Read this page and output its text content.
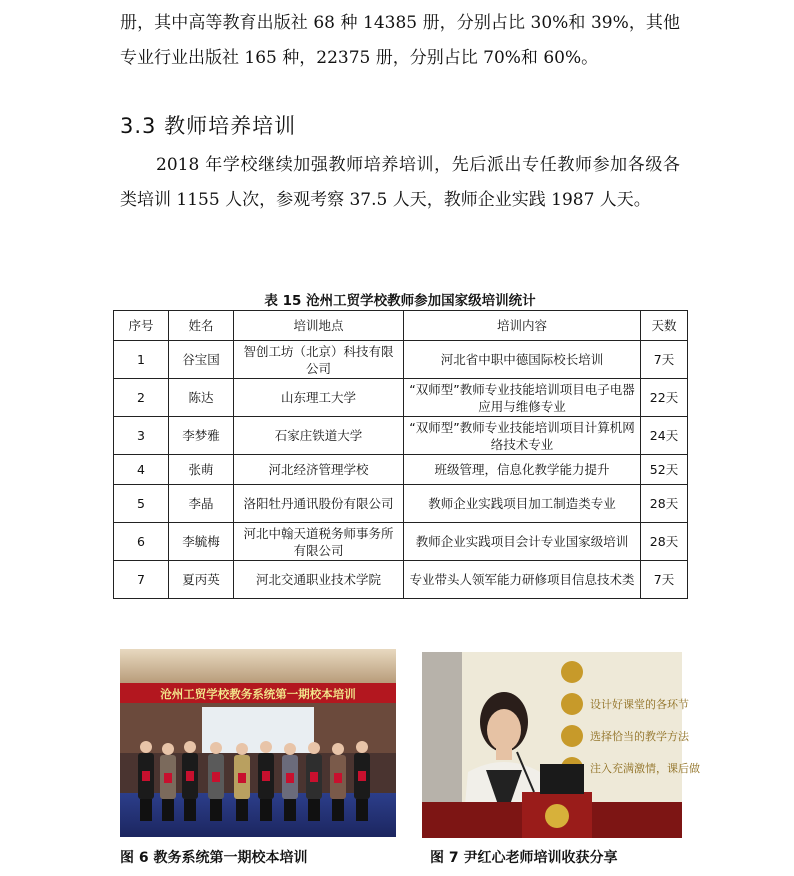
册，其中高等教育出版社 68 种 14385 册，分别占比 30%和 39%，其他专业行业出版社 165 种，22375 册，分别占比 70%和 60%。

3.3 教师培养培训

2018 年学校继续加强教师培养培训，先后派出专任教师参加各级各类培训 1155 人次，参观考察 37.5 人天，教师企业实践 1987 人天。

表 15 沧州工贸学校教师参加国家级培训统计
序号	姓名	培训地点	培训内容	天数
1	谷宝国	智创工坊（北京）科技有限公司	河北省中职中德国际校长培训	7天
2	陈达	山东理工大学	“双师型”教师专业技能培训项目电子电器应用与维修专业	22天
3	李梦雅	石家庄铁道大学	“双师型”教师专业技能培训项目计算机网络技术专业	24天
4	张萌	河北经济管理学校	班级管理，信息化教学能力提升	52天
5	李晶	洛阳牡丹通讯股份有限公司	教师企业实践项目加工制造类专业	28天
6	李毓梅	河北中翰天道税务师事务所有限公司	教师企业实践项目会计专业国家级培训	28天
7	夏丙英	河北交通职业技术学院	专业带头人领军能力研修项目信息技术类	7天
沧州工贸学校教务系统第一期校本培训
设计好课堂的各环节
选择恰当的教学方法
注入充满激情，课后做
图 6 教务系统第一期校本培训	图 7 尹红心老师培训收获分享
